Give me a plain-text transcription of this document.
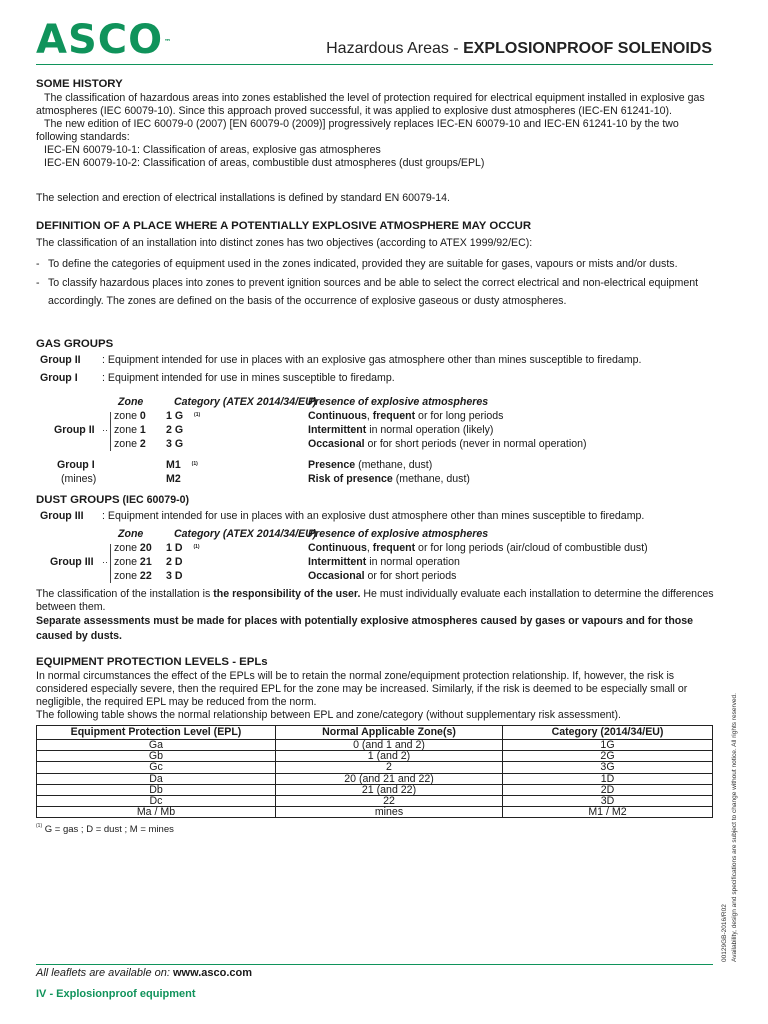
ASCO™	Hazardous Areas - EXPLOSIONPROOF SOLENOIDS
SOME HISTORY
The classification of hazardous areas into zones established the level of protection required for electrical equipment installed in explosive gas atmospheres (IEC 60079-10). Since this approach proved successful, it was applied to explosive dust atmospheres (IEC-EN 61241-10).
The new edition of IEC 60079-0 (2007) [EN 60079-0 (2009)] progressively replaces IEC-EN 60079-10 and IEC-EN 61241-10 by the two following standards:
IEC-EN 60079-10-1: Classification of areas, explosive gas atmospheres
IEC-EN 60079-10-2: Classification of areas, combustible dust atmospheres (dust groups/EPL)
The selection and erection of electrical installations is defined by standard EN 60079-14.
DEFINITION OF A PLACE WHERE A POTENTIALLY EXPLOSIVE ATMOSPHERE MAY OCCUR
The classification of an installation into distinct zones has two objectives (according to ATEX 1999/92/EC):
- To define the categories of equipment used in the zones indicated, provided they are suitable for gases, vapours or mists and/or dusts.
- To classify hazardous places into zones to prevent ignition sources and be able to select the correct electrical and non-electrical equipment accordingly. The zones are defined on the basis of the occurrence of explosive gaseous or dusty atmospheres.
GAS GROUPS
Group II : Equipment intended for use in places with an explosive gas atmosphere other than mines susceptible to firedamp.
Group I : Equipment intended for use in mines susceptible to firedamp.
Zone	Category (ATEX 2014/34/EU)
Presence of explosive atmospheres
Group II ··
zone 0 1 G $^{(1)}$	Continuous, frequent or for long periods
zone 1 2 G	Intermittent in normal operation (likely)
zone 2 3 G	Occasional or for short periods (never in normal operation)
Group I
(mines)
M1 $^{(1)}$	Presence (methane, dust)
M2	Risk of presence (methane, dust)
DUST GROUPS (IEC 60079-0)
Group III : Equipment intended for use in places with an explosive dust atmosphere other than mines susceptible to firedamp.
Zone	Category (ATEX 2014/34/EU)
Presence of explosive atmospheres
Group III ··
zone 20 1 D $^{(1)}$	Continuous, frequent or for long periods (air/cloud of combustible dust)
zone 21 2 D	Intermittent in normal operation
zone 22 3 D	Occasional or for short periods
The classification of the installation is the responsibility of the user. He must individually evaluate each installation to determine the differences between them.
Separate assessments must be made for places with potentially explosive atmospheres caused by gases or vapours and for those caused by dusts.
EQUIPMENT PROTECTION LEVELS - EPLs
In normal circumstances the effect of the EPLs will be to retain the normal zone/equipment protection relationship. If, however, the risk is considered especially severe, then the required EPL for the zone may be increased. Similarly, if the risk is deemed to be especially small or negligible, the required EPL may be reduced from the norm.
The following table shows the normal relationship between EPL and zone/category (without supplementary risk assessment).
Equipment Protection Level (EPL)	Normal Applicable Zone(s)	Category (2014/34/EU)
Ga	0 (and 1 and 2)	1G
Gb	1 (and 2)	2G
Gc	2	3G
Da	20 (and 21 and 22)	1D
Db	21 (and 22)	2D
Dc	22	3D
Ma / Mb	mines	M1 / M2
$^{(1)}$ G = gas ; D = dust ; M = mines
00129GB-2016/R02 Availability, design and specifications are subject to change without notice. All rights reserved.
All leaflets are available on: www.asco.com
IV - Explosionproof equipment
